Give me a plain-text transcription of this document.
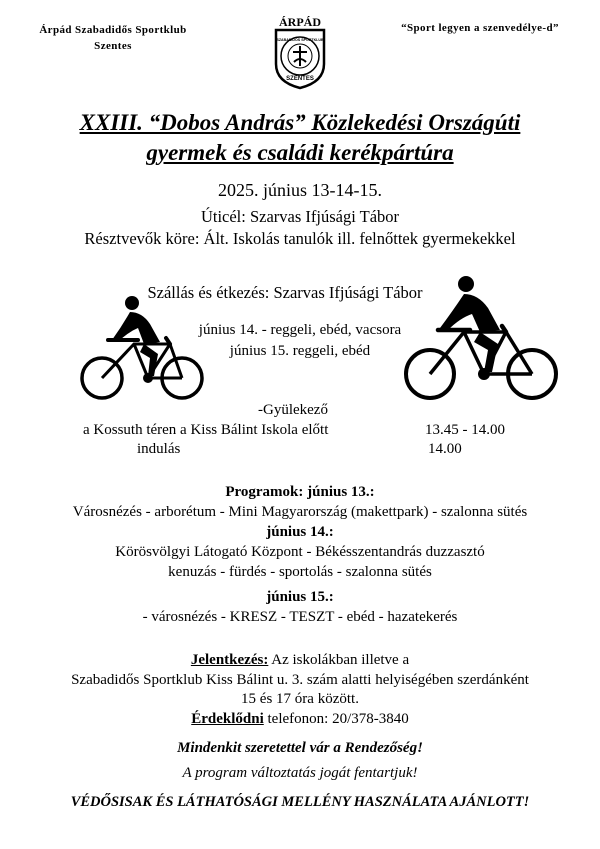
Árpád Szabadidős Sportklub
Szentes
“Sport legyen a szenvedélye-d”
ÁRPÁD
SZABADIDŐS SPORTKLUB
SZENTES
XXIII. “Dobos András” Közlekedési Országúti
gyermek és családi kerékpártúra
2025. június 13-14-15.
Úticél: Szarvas Ifjúsági Tábor
Résztvevők köre: Ált. Iskolás tanulók ill. felnőttek gyermekekkel
Szállás és étkezés: Szarvas Ifjúsági Tábor
június 14. - reggeli, ebéd, vacsora
június 15. reggeli, ebéd
-Gyülekező
a Kossuth téren a Kiss Bálint Iskola előtt	13.45 - 14.00
indulás	14.00
Programok: június 13.:
Városnézés - arborétum - Mini Magyarország (makettpark) - szalonna sütés
június 14.:
Körösvölgyi Látogató Központ - Békésszentandrás duzzasztó
kenuzás - fürdés - sportolás - szalonna sütés
június 15.:
- városnézés - KRESZ - TESZT - ebéd - hazatekerés
Jelentkezés: Az iskolákban illetve a
Szabadidős Sportklub Kiss Bálint u. 3. szám alatti helyiségében szerdánként
15 és 17 óra között.
Érdeklődni telefonon: 20/378-3840
Mindenkit szeretettel vár a Rendezőség!
A program változtatás jogát fentartjuk!
VÉDŐSISAK ÉS LÁTHATÓSÁGI MELLÉNY HASZNÁLATA AJÁNLOTT!
